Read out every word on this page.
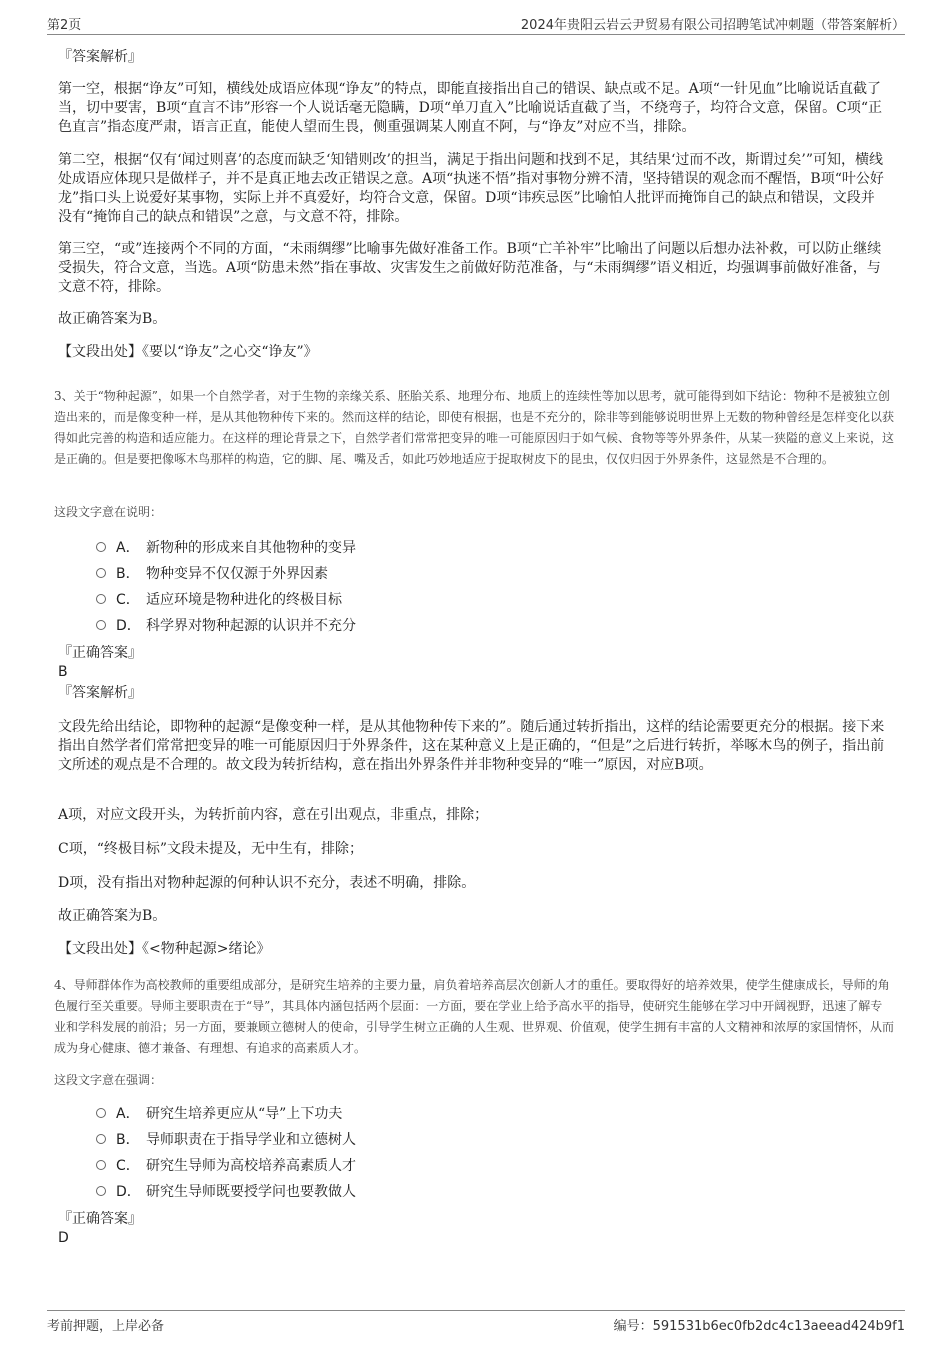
第2页	2024年贵阳云岩云尹贸易有限公司招聘笔试冲刺题（带答案解析）
『答案解析』
第一空，根据“诤友”可知，横线处成语应体现“诤友”的特点，即能直接指出自己的错误、缺点或不足。A项“一针见血”比喻说话直截了当，切中要害，B项“直言不讳”形容一个人说话毫无隐瞒，D项“单刀直入”比喻说话直截了当，不绕弯子，均符合文意，保留。C项“正色直言”指态度严肃，语言正直，能使人望而生畏，侧重强调某人刚直不阿，与“诤友”对应不当，排除。
第二空，根据“仅有‘闻过则喜’的态度而缺乏‘知错则改’的担当，满足于指出问题和找到不足，其结果‘过而不改，斯谓过矣’”可知，横线处成语应体现只是做样子，并不是真正地去改正错误之意。A项“执迷不悟”指对事物分辨不清，坚持错误的观念而不醒悟，B项“叶公好龙”指口头上说爱好某事物，实际上并不真爱好，均符合文意，保留。D项“讳疾忌医”比喻怕人批评而掩饰自己的缺点和错误，文段并没有“掩饰自己的缺点和错误”之意，与文意不符，排除。
第三空，“或”连接两个不同的方面，“未雨绸缪”比喻事先做好准备工作。B项“亡羊补牢”比喻出了问题以后想办法补救，可以防止继续受损失，符合文意，当选。A项“防患未然”指在事故、灾害发生之前做好防范准备，与“未雨绸缪”语义相近，均强调事前做好准备，与文意不符，排除。
故正确答案为B。
【文段出处】《要以“诤友”之心交“诤友”》
3、关于“物种起源”，如果一个自然学者，对于生物的亲缘关系、胚胎关系、地理分布、地质上的连续性等加以思考，就可能得到如下结论：物种不是被独立创造出来的，而是像变种一样，是从其他物种传下来的。然而这样的结论，即使有根据，也是不充分的，除非等到能够说明世界上无数的物种曾经是怎样变化以获得如此完善的构造和适应能力。在这样的理论背景之下，自然学者们常常把变异的唯一可能原因归于如气候、食物等等外界条件，从某一狭隘的意义上来说，这是正确的。但是要把像啄木鸟那样的构造，它的脚、尾、嘴及舌，如此巧妙地适应于捉取树皮下的昆虫，仅仅归因于外界条件，这显然是不合理的。
这段文字意在说明：
A． 新物种的形成来自其他物种的变异
B． 物种变异不仅仅源于外界因素
C． 适应环境是物种进化的终极目标
D． 科学界对物种起源的认识并不充分
『正确答案』
B
『答案解析』
文段先给出结论，即物种的起源“是像变种一样，是从其他物种传下来的”。随后通过转折指出，这样的结论需要更充分的根据。接下来指出自然学者们常常把变异的唯一可能原因归于外界条件，这在某种意义上是正确的，“但是”之后进行转折，举啄木鸟的例子，指出前文所述的观点是不合理的。故文段为转折结构，意在指出外界条件并非物种变异的“唯一”原因，对应B项。
A项，对应文段开头，为转折前内容，意在引出观点，非重点，排除；
C项，“终极目标”文段未提及，无中生有，排除；
D项，没有指出对物种起源的何种认识不充分，表述不明确，排除。
故正确答案为B。
【文段出处】《<物种起源>绪论》
4、导师群体作为高校教师的重要组成部分，是研究生培养的主要力量，肩负着培养高层次创新人才的重任。要取得好的培养效果，使学生健康成长，导师的角色履行至关重要。导师主要职责在于“导”，其具体内涵包括两个层面：一方面，要在学业上给予高水平的指导，使研究生能够在学习中开阔视野，迅速了解专业和学科发展的前沿；另一方面，要兼顾立德树人的使命，引导学生树立正确的人生观、世界观、价值观，使学生拥有丰富的人文精神和浓厚的家国情怀，从而成为身心健康、德才兼备、有理想、有追求的高素质人才。
这段文字意在强调：
A． 研究生培养更应从“导”上下功夫
B． 导师职责在于指导学业和立德树人
C． 研究生导师为高校培养高素质人才
D． 研究生导师既要授学问也要教做人
『正确答案』
D
考前押题，上岸必备	编号：591531b6ec0fb2dc4c13aeead424b9f1
